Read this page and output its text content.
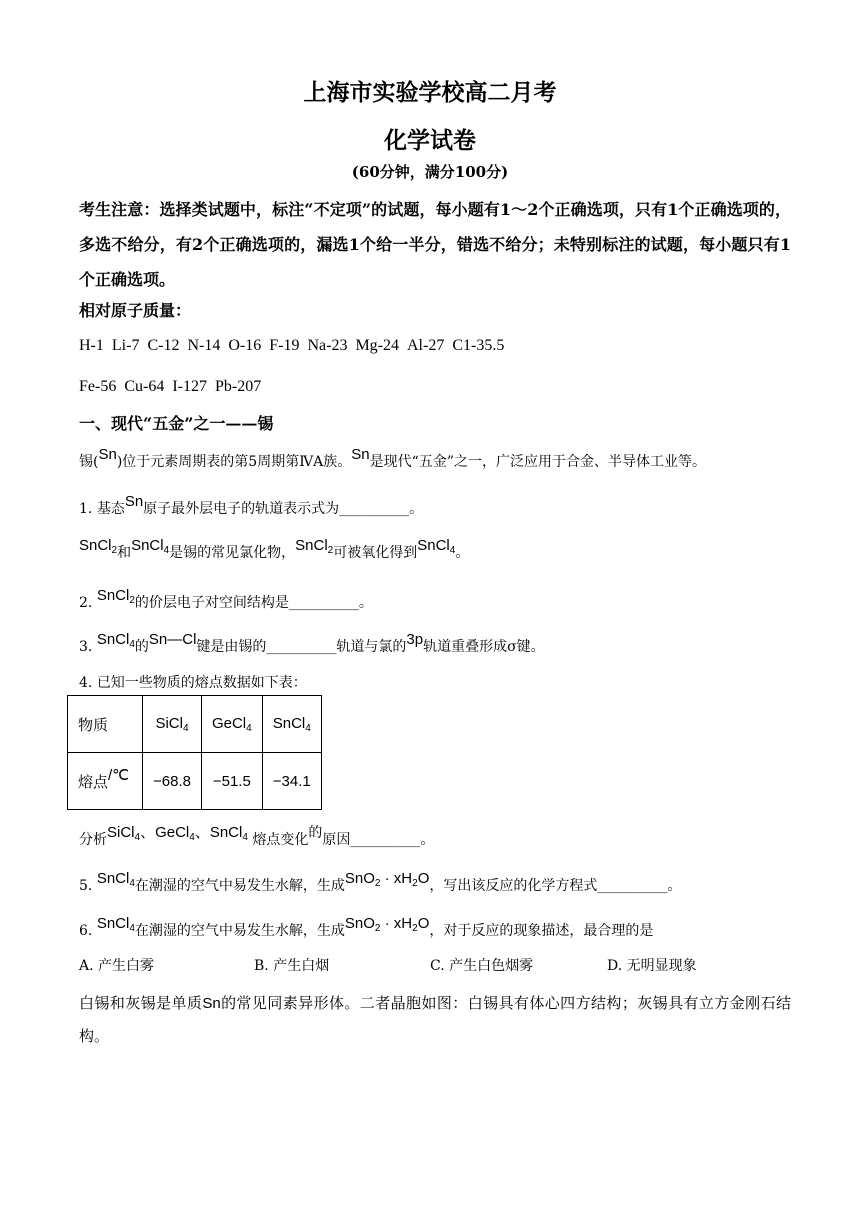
上海市实验学校高二月考
化学试卷
(60分钟，满分100分)
考生注意：选择类试题中，标注“不定项”的试题，每小题有1～2个正确选项，只有1个正确选项的，多选不给分，有2个正确选项的，漏选1个给一半分，错选不给分；未特别标注的试题，每小题只有1个正确选项。
相对原子质量：
H-1 Li-7 C-12 N-14 O-16 F-19 Na-23 Mg-24 Al-27 C1-35.5
Fe-56 Cu-64 I-127 Pb-207
一、现代“五金”之一——锡
锡(Sn)位于元素周期表的第5周期第ⅣA族。Sn是现代“五金”之一，广泛应用于合金、半导体工业等。
1. 基态Sn原子最外层电子的轨道表示式为__________。
SnCl$_2$和SnCl$_4$是锡的常见氯化物，SnCl$_2$可被氧化得到SnCl$_4$。
2. SnCl$_2$的价层电子对空间结构是__________。
3. SnCl$_4$的Sn—Cl键是由锡的__________轨道与氯的3p轨道重叠形成σ键。
4. 已知一些物质的熔点数据如下表：
物质	SiCl$_4$	GeCl$_4$	SnCl$_4$
熔点/℃	−68.8	−51.5	−34.1
分析SiCl$_4$、GeCl$_4$、SnCl$_4$ 熔点变化的原因__________。
5. SnCl$_4$在潮湿的空气中易发生水解，生成$SnO_2 \cdot xH_2O$，写出该反应的化学方程式__________。
6. SnCl$_4$在潮湿的空气中易发生水解，生成$SnO_2 \cdot xH_2O$，对于反应的现象描述，最合理的是
A. 产生白雾	B. 产生白烟	C. 产生白色烟雾	D. 无明显现象
白锡和灰锡是单质Sn的常见同素异形体。二者晶胞如图：白锡具有体心四方结构；灰锡具有立方金刚石结构。
